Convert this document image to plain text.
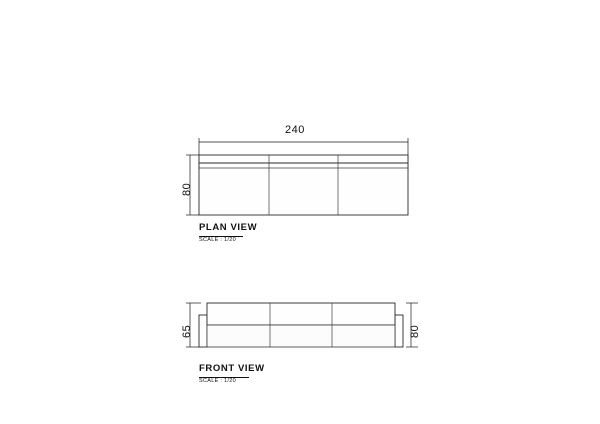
240
80
PLAN VIEW
SCALE : 1/20
65	80
FRONT VIEW
SCALE : 1/20
